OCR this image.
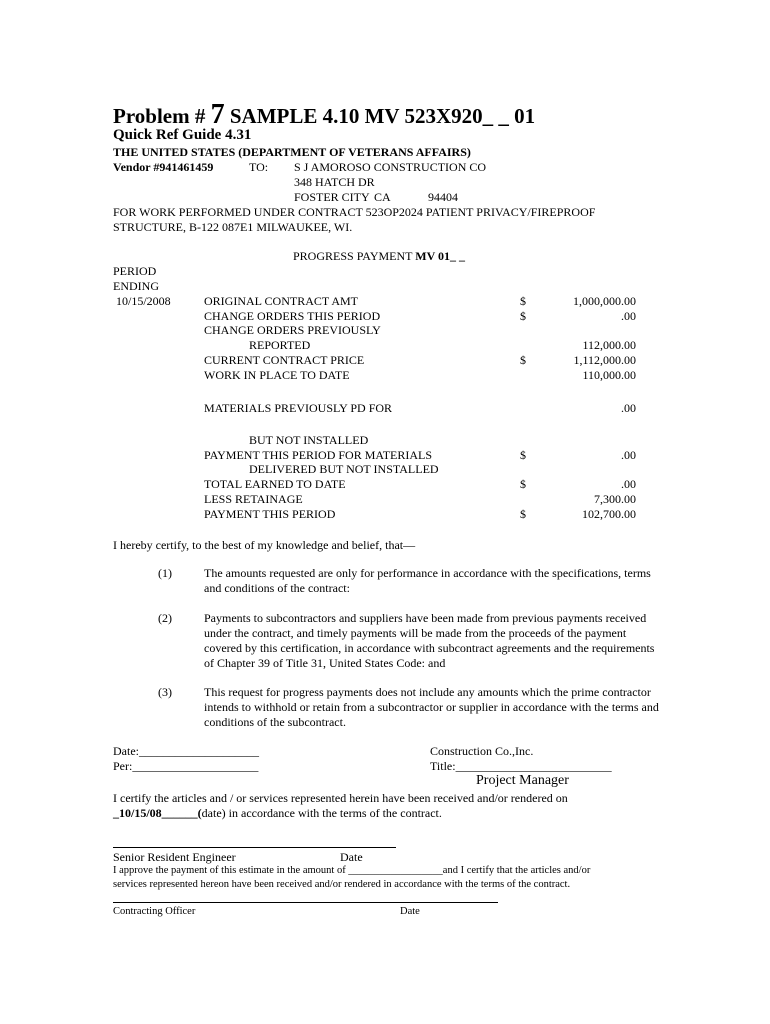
Problem # 7 SAMPLE 4.10 MV 523X920_ _ 01
Quick Ref Guide 4.31
THE UNITED STATES (DEPARTMENT OF VETERANS AFFAIRS)
Vendor #941461459	TO: S J AMOROSO CONSTRUCTION CO
348 HATCH DR
FOSTER CITY CA	94404
FOR WORK PERFORMED UNDER CONTRACT 523OP2024 PATIENT PRIVACY/FIREPROOF
STRUCTURE, B-122 087E1 MILWAUKEE, WI.
PROGRESS PAYMENT MV 01_ _
PERIOD
ENDING
10/15/2008	ORIGINAL CONTRACT AMT	$	1,000,000.00
CHANGE ORDERS THIS PERIOD	$	.00
CHANGE ORDERS PREVIOUSLY
REPORTED	112,000.00
CURRENT CONTRACT PRICE	$	1,112,000.00
WORK IN PLACE TO DATE	110,000.00
MATERIALS PREVIOUSLY PD FOR	.00
BUT NOT INSTALLED
PAYMENT THIS PERIOD FOR MATERIALS	$	.00
DELIVERED BUT NOT INSTALLED
TOTAL EARNED TO DATE	$	.00
LESS RETAINAGE	7,300.00
PAYMENT THIS PERIOD	$	102,700.00
I hereby certify, to the best of my knowledge and belief, that—
(1)	The amounts requested are only for performance in accordance with the specifications, terms and conditions of the contract:
(2)	Payments to subcontractors and suppliers have been made from previous payments received under the contract, and timely payments will be made from the proceeds of the payment covered by this certification, in accordance with subcontract agreements and the requirements of Chapter 39 of Title 31, United States Code: and
(3)	This request for progress payments does not include any amounts which the prime contractor intends to withhold or retain from a subcontractor or supplier in accordance with the terms and conditions of the subcontract.
Date:____________________
Per:_____________________
Construction Co.,Inc.
Title:__________________________
Project Manager
I certify the articles and / or services represented herein have been received and/or rendered on
_10/15/08______(date) in accordance with the terms of the contract.
Senior Resident Engineer	Date
I approve the payment of this estimate in the amount of __________________and I certify that the articles and/or
services represented hereon have been received and/or rendered in accordance with the terms of the contract.
Contracting Officer	Date
